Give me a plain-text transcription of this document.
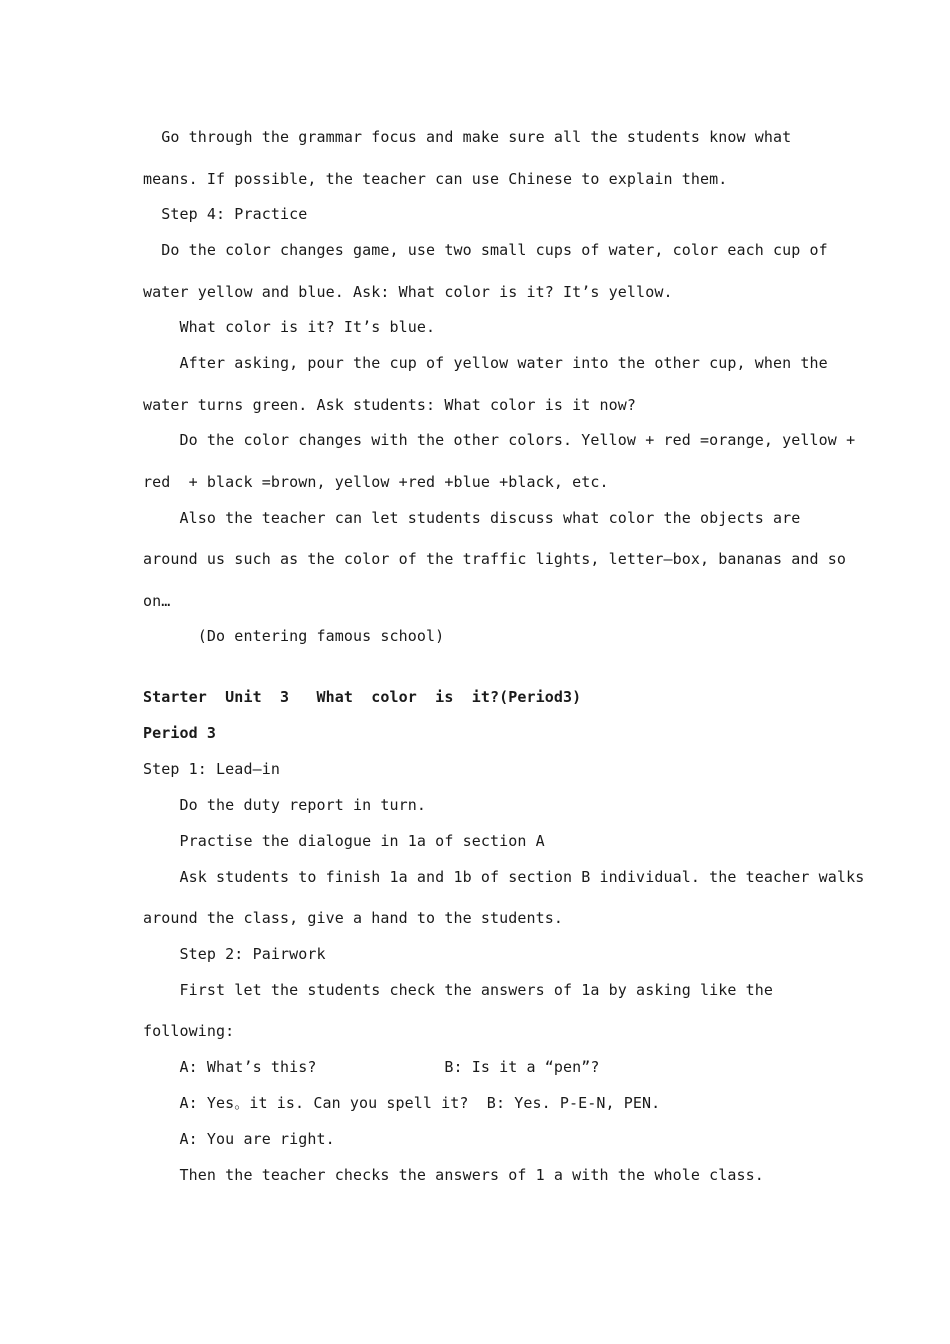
Go through the grammar focus and make sure all the students know what
means. If possible, the teacher can use Chinese to explain them.
Step 4: Practice
Do the color changes game, use two small cups of water, color each cup of
water yellow and blue. Ask: What color is it? It’s yellow.
What color is it? It’s blue.
After asking, pour the cup of yellow water into the other cup, when the
water turns green. Ask students: What color is it now?
Do the color changes with the other colors. Yellow + red =orange, yellow +
red  + black =brown, yellow +red +blue +black, etc.
Also the teacher can let students discuss what color the objects are
around us such as the color of the traffic lights, letter—box, bananas and so
on…
(Do entering famous school)
Starter  Unit  3   What  color  is  it?(Period3)
Period 3
Step 1: Lead—in
Do the duty report in turn.
Practise the dialogue in 1a of section A
Ask students to finish 1a and 1b of section B individual. the teacher walks
around the class, give a hand to the students.
Step 2: Pairwork
First let the students check the answers of 1a by asking like the
following:
A: What’s this?              B: Is it a “pen”?
A: Yes。it is. Can you spell it?  B: Yes. P-E-N, PEN.
A: You are right.
Then the teacher checks the answers of 1 a with the whole class.
